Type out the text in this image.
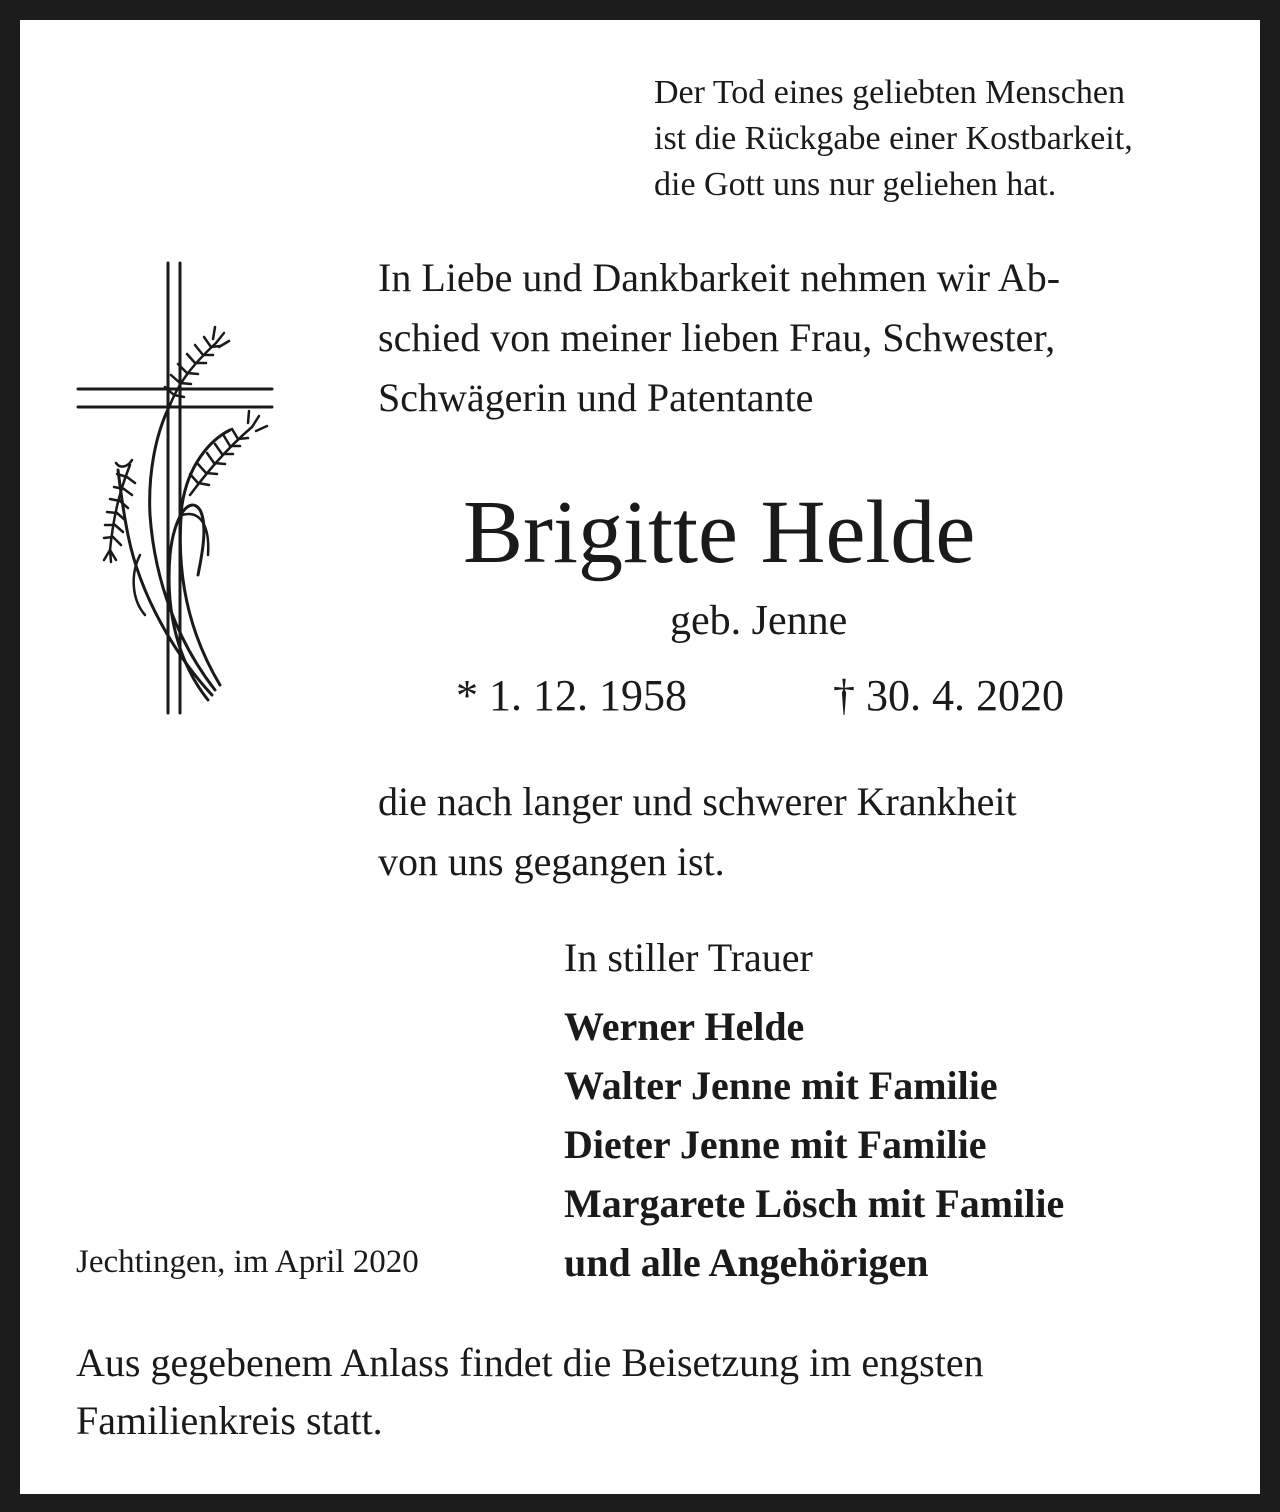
Der Tod eines geliebten Menschen
ist die Rückgabe einer Kostbarkeit,
die Gott uns nur geliehen hat.
In Liebe und Dankbarkeit nehmen wir Ab-
schied von meiner lieben Frau, Schwester,
Schwägerin und Patentante
Brigitte Helde
geb. Jenne
* 1. 12. 1958	† 30. 4. 2020
die nach langer und schwerer Krankheit
von uns gegangen ist.
In stiller Trauer
Werner Helde
Walter Jenne mit Familie
Dieter Jenne mit Familie
Margarete Lösch mit Familie
und alle Angehörigen
Jechtingen, im April 2020
Aus gegebenem Anlass findet die Beisetzung im engsten
Familienkreis statt.
